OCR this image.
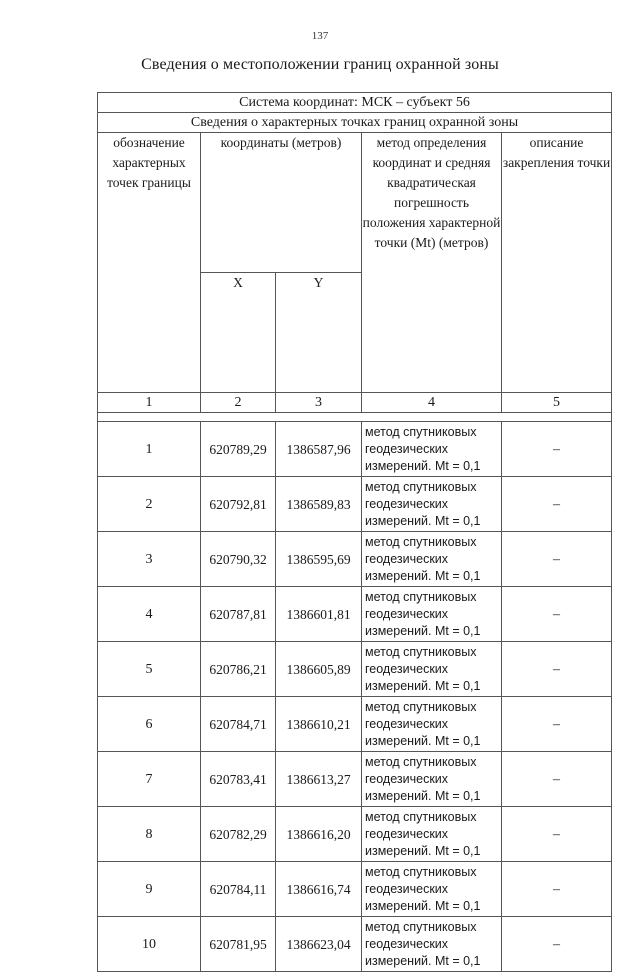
137
Сведения о местоположении границ охранной зоны
Система координат: МСК – субъект 56				
Сведения о характерных точках границ охранной зоны				
обозначение характерных точек границы	координаты (метров)		метод определения координат и средняя квадратическая погрешность положения характерной точки (Mt) (метров)	описание закрепления точки
	X	Y		
1	2	3	4	5

1	620789,29	1386587,96	метод спутниковых геодезических измерений. Mt = 0,1	–
2	620792,81	1386589,83	метод спутниковых геодезических измерений. Mt = 0,1	–
3	620790,32	1386595,69	метод спутниковых геодезических измерений. Mt = 0,1	–
4	620787,81	1386601,81	метод спутниковых геодезических измерений. Mt = 0,1	–
5	620786,21	1386605,89	метод спутниковых геодезических измерений. Mt = 0,1	–
6	620784,71	1386610,21	метод спутниковых геодезических измерений. Mt = 0,1	–
7	620783,41	1386613,27	метод спутниковых геодезических измерений. Mt = 0,1	–
8	620782,29	1386616,20	метод спутниковых геодезических измерений. Mt = 0,1	–
9	620784,11	1386616,74	метод спутниковых геодезических измерений. Mt = 0,1	–
10	620781,95	1386623,04	метод спутниковых геодезических измерений. Mt = 0,1	–
